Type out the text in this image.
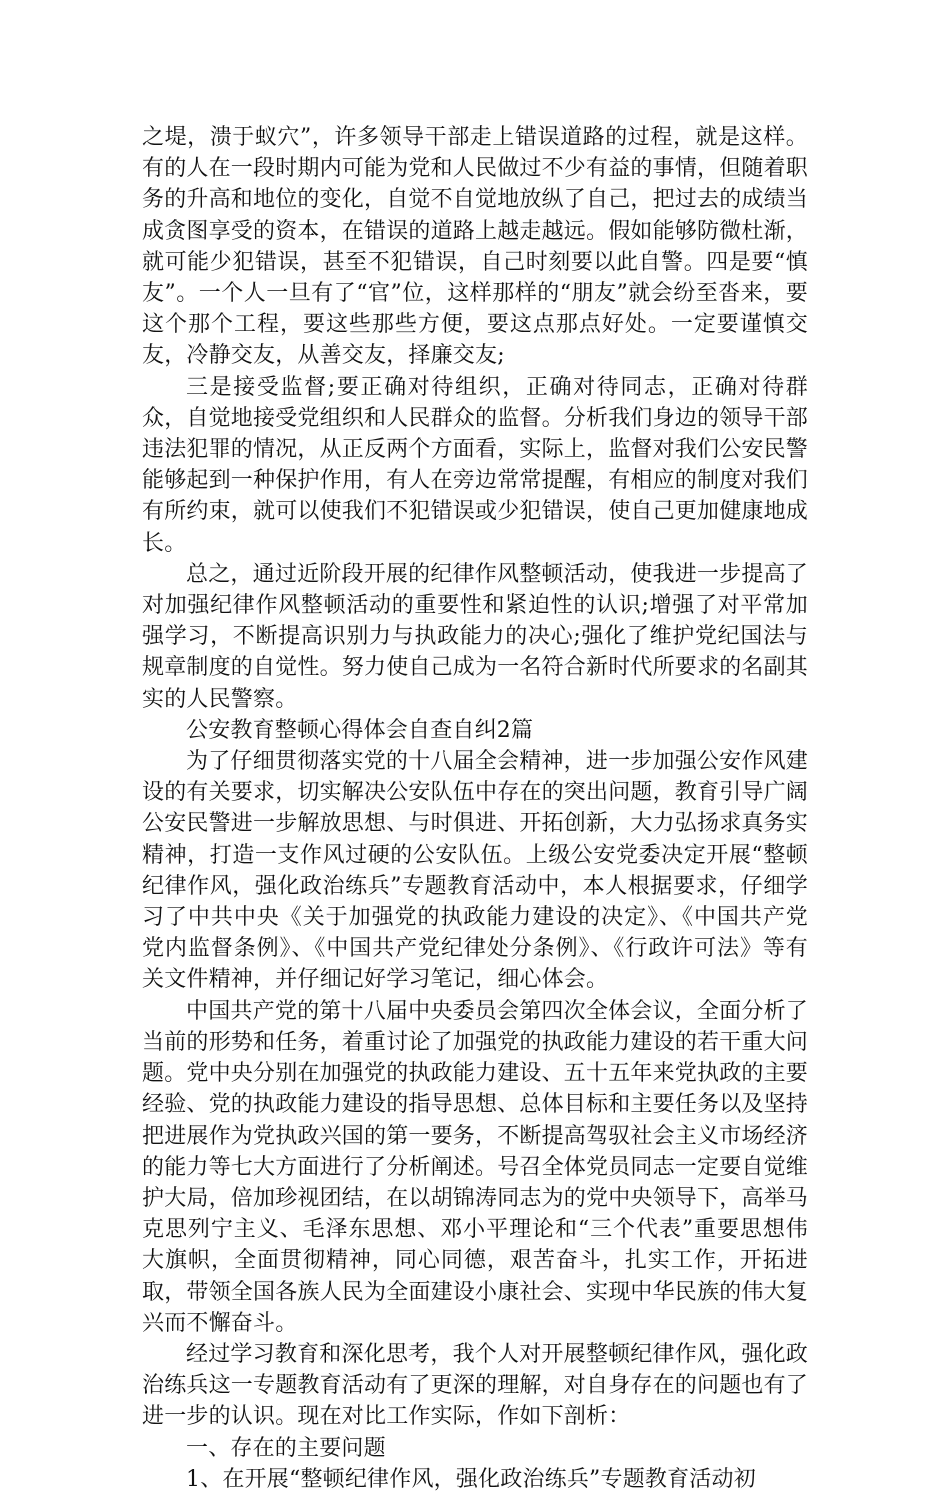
之堤，溃于蚁穴”，许多领导干部走上错误道路的过程，就是这样。有的人在一段时期内可能为党和人民做过不少有益的事情，但随着职务的升高和地位的变化，自觉不自觉地放纵了自己，把过去的成绩当成贪图享受的资本，在错误的道路上越走越远。假如能够防微杜渐，就可能少犯错误，甚至不犯错误，自己时刻要以此自警。四是要“慎友”。一个人一旦有了“官”位，这样那样的“朋友”就会纷至沓来，要这个那个工程，要这些那些方便，要这点那点好处。一定要谨慎交友，冷静交友，从善交友，择廉交友;

三是接受监督;要正确对待组织，正确对待同志，正确对待群众，自觉地接受党组织和人民群众的监督。分析我们身边的领导干部违法犯罪的情况，从正反两个方面看，实际上，监督对我们公安民警能够起到一种保护作用，有人在旁边常常提醒，有相应的制度对我们有所约束，就可以使我们不犯错误或少犯错误，使自己更加健康地成长。

总之，通过近阶段开展的纪律作风整顿活动，使我进一步提高了对加强纪律作风整顿活动的重要性和紧迫性的认识;增强了对平常加强学习，不断提高识别力与执政能力的决心;强化了维护党纪国法与规章制度的自觉性。努力使自己成为一名符合新时代所要求的名副其实的人民警察。

公安教育整顿心得体会自查自纠2篇

为了仔细贯彻落实党的十八届全会精神，进一步加强公安作风建设的有关要求，切实解决公安队伍中存在的突出问题，教育引导广阔公安民警进一步解放思想、与时俱进、开拓创新，大力弘扬求真务实精神，打造一支作风过硬的公安队伍。上级公安党委决定开展“整顿纪律作风，强化政治练兵”专题教育活动中，本人根据要求，仔细学习了中共中央《关于加强党的执政能力建设的决定》、《中国共产党党内监督条例》、《中国共产党纪律处分条例》、《行政许可法》等有关文件精神，并仔细记好学习笔记，细心体会。

中国共产党的第十八届中央委员会第四次全体会议，全面分析了当前的形势和任务，着重讨论了加强党的执政能力建设的若干重大问题。党中央分别在加强党的执政能力建设、五十五年来党执政的主要经验、党的执政能力建设的指导思想、总体目标和主要任务以及坚持把进展作为党执政兴国的第一要务，不断提高驾驭社会主义市场经济的能力等七大方面进行了分析阐述。号召全体党员同志一定要自觉维护大局，倍加珍视团结，在以胡锦涛同志为的党中央领导下，高举马克思列宁主义、毛泽东思想、邓小平理论和“三个代表”重要思想伟大旗帜，全面贯彻精神，同心同德，艰苦奋斗，扎实工作，开拓进取，带领全国各族人民为全面建设小康社会、实现中华民族的伟大复兴而不懈奋斗。

经过学习教育和深化思考，我个人对开展整顿纪律作风，强化政治练兵这一专题教育活动有了更深的理解，对自身存在的问题也有了进一步的认识。现在对比工作实际，作如下剖析：

一、存在的主要问题

1、在开展“整顿纪律作风，强化政治练兵”专题教育活动初
